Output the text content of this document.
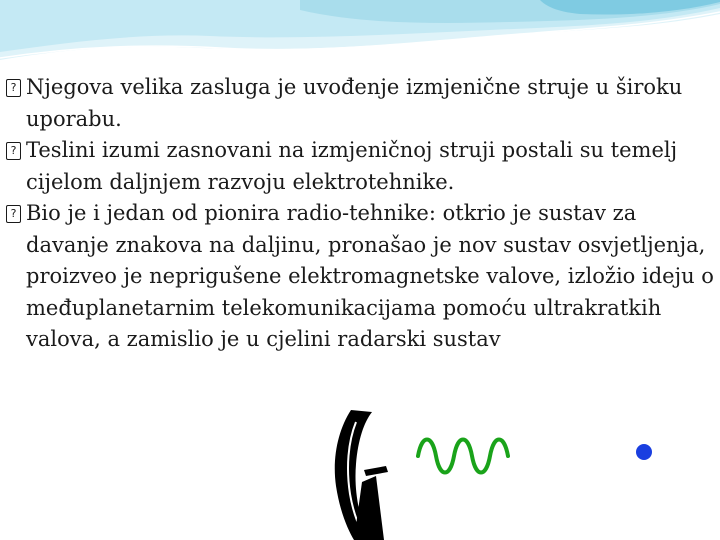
? Njegova velika zasluga je uvođenje izmjenične struje u široku uporabu.
? Teslini izumi zasnovani na izmjeničnoj struji postali su temelj cijelom daljnjem razvoju elektrotehnike.
? Bio je i jedan od pionira radio-tehnike: otkrio je sustav za davanje znakova na daljinu, pronašao je nov sustav osvjetljenja, proizveo je neprigušene elektromagnetske valove, izložio ideju o međuplanetarnim telekomunikacijama pomoću ultrakratkih valova, a zamislio je u cjelini radarski sustav
